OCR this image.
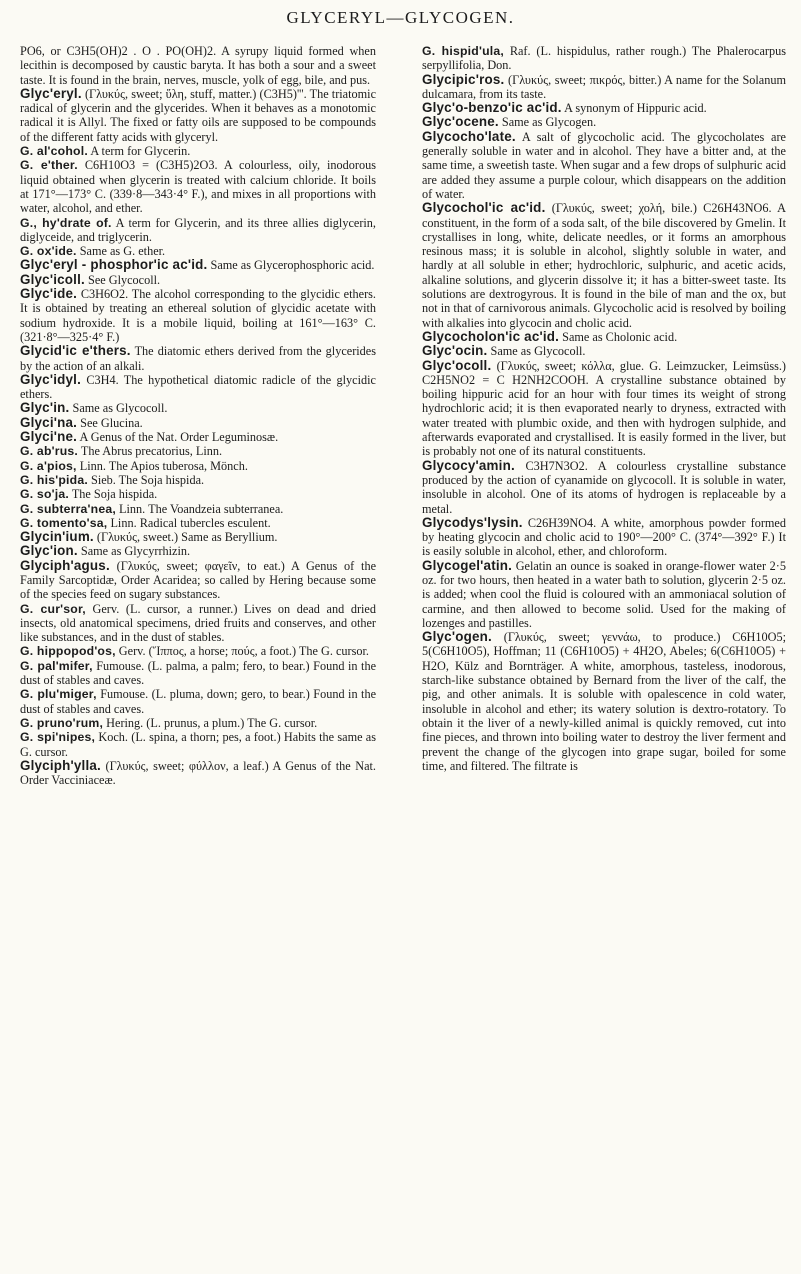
GLYCERYL—GLYCOGEN.

PO6, or C3H5(OH)2 . O . PO(OH)2. A syrupy liquid formed when lecithin is decomposed by caustic baryta. It has both a sour and a sweet taste. It is found in the brain, nerves, muscle, yolk of egg, bile, and pus.

Glyc'eryl. (Γλυκύς, sweet; ὕλη, stuff, matter.) (C3H5)'''. The triatomic radical of glycerin and the glycerides. When it behaves as a monotomic radical it is Allyl. The fixed or fatty oils are supposed to be compounds of the different fatty acids with glyceryl.

G. al'cohol. A term for Glycerin.

G. e'ther. C6H10O3 = (C3H5)2O3. A colourless, oily, inodorous liquid obtained when glycerin is treated with calcium chloride. It boils at 171°—173° C. (339·8—343·4° F.), and mixes in all proportions with water, alcohol, and ether.

G., hy'drate of. A term for Glycerin, and its three allies diglycerin, diglyceide, and triglycerin.

G. ox'ide. Same as G. ether.

Glyc'eryl - phosphor'ic ac'id. Same as Glycerophosphoric acid.

Glyc'icoll. See Glycocoll.

Glyc'ide. C3H6O2. The alcohol corresponding to the glycidic ethers. It is obtained by treating an ethereal solution of glycidic acetate with sodium hydroxide. It is a mobile liquid, boiling at 161°—163° C. (321·8°—325·4° F.)

Glycid'ic e'thers. The diatomic ethers derived from the glycerides by the action of an alkali.

Glyc'idyl. C3H4. The hypothetical diatomic radicle of the glycidic ethers.

Glyc'in. Same as Glycocoll.

Glyci'na. See Glucina.

Glyci'ne. A Genus of the Nat. Order Leguminosæ.

G. ab'rus. The Abrus precatorius, Linn.

G. a'pios, Linn. The Apios tuberosa, Mönch.

G. his'pida. Sieb. The Soja hispida.

G. so'ja. The Soja hispida.

G. subterra'nea, Linn. The Voandzeia subterranea.

G. tomento'sa, Linn. Radical tubercles esculent.

Glycin'ium. (Γλυκύς, sweet.) Same as Beryllium.

Glyc'ion. Same as Glycyrrhizin.

Glyciph'agus. (Γλυκύς, sweet; φαγεῖν, to eat.) A Genus of the Family Sarcoptidæ, Order Acaridea; so called by Hering because some of the species feed on sugary substances.

G. cur'sor, Gerv. (L. cursor, a runner.) Lives on dead and dried insects, old anatomical specimens, dried fruits and conserves, and other like substances, and in the dust of stables.

G. hippopod'os, Gerv. (Ἵππος, a horse; πούς, a foot.) The G. cursor.

G. pal'mifer, Fumouse. (L. palma, a palm; fero, to bear.) Found in the dust of stables and caves.

G. plu'miger, Fumouse. (L. pluma, down; gero, to bear.) Found in the dust of stables and caves.

G. pruno'rum, Hering. (L. prunus, a plum.) The G. cursor.

G. spi'nipes, Koch. (L. spina, a thorn; pes, a foot.) Habits the same as G. cursor.

Glyciph'ylla. (Γλυκύς, sweet; φύλλον, a leaf.) A Genus of the Nat. Order Vacciniaceæ.

G. hispid'ula, Raf. (L. hispidulus, rather rough.) The Phalerocarpus serpyllifolia, Don.

Glycipic'ros. (Γλυκύς, sweet; πικρός, bitter.) A name for the Solanum dulcamara, from its taste.

Glyc'o-benzo'ic ac'id. A synonym of Hippuric acid.

Glyc'ocene. Same as Glycogen.

Glycocho'late. A salt of glycocholic acid. The glycocholates are generally soluble in water and in alcohol. They have a bitter and, at the same time, a sweetish taste. When sugar and a few drops of sulphuric acid are added they assume a purple colour, which disappears on the addition of water.

Glycochol'ic ac'id. (Γλυκύς, sweet; χολή, bile.) C26H43NO6. A constituent, in the form of a soda salt, of the bile discovered by Gmelin. It crystallises in long, white, delicate needles, or it forms an amorphous resinous mass; it is soluble in alcohol, slightly soluble in water, and hardly at all soluble in ether; hydrochloric, sulphuric, and acetic acids, alkaline solutions, and glycerin dissolve it; it has a bitter-sweet taste. Its solutions are dextrogyrous. It is found in the bile of man and the ox, but not in that of carnivorous animals. Glycocholic acid is resolved by boiling with alkalies into glycocin and cholic acid.

Glycocholon'ic ac'id. Same as Cholonic acid.

Glyc'ocin. Same as Glycocoll.

Glyc'ocoll. (Γλυκύς, sweet; κόλλα, glue. G. Leimzucker, Leimsüss.) C2H5NO2 = C H2NH2COOH. A crystalline substance obtained by boiling hippuric acid for an hour with four times its weight of strong hydrochloric acid; it is then evaporated nearly to dryness, extracted with water treated with plumbic oxide, and then with hydrogen sulphide, and afterwards evaporated and crystallised. It is easily formed in the liver, but is probably not one of its natural constituents.

Glycocy'amin. C3H7N3O2. A colourless crystalline substance produced by the action of cyanamide on glycocoll. It is soluble in water, insoluble in alcohol. One of its atoms of hydrogen is replaceable by a metal.

Glycodys'lysin. C26H39NO4. A white, amorphous powder formed by heating glycocin and cholic acid to 190°—200° C. (374°—392° F.) It is easily soluble in alcohol, ether, and chloroform.

Glycogel'atin. Gelatin an ounce is soaked in orange-flower water 2·5 oz. for two hours, then heated in a water bath to solution, glycerin 2·5 oz. is added; when cool the fluid is coloured with an ammoniacal solution of carmine, and then allowed to become solid. Used for the making of lozenges and pastilles.

Glyc'ogen. (Γλυκύς, sweet; γεννάω, to produce.) C6H10O5; 5(C6H10O5), Hoffman; 11 (C6H10O5) + 4H2O, Abeles; 6(C6H10O5) + H2O, Külz and Bornträger. A white, amorphous, tasteless, inodorous, starch-like substance obtained by Bernard from the liver of the calf, the pig, and other animals. It is soluble with opalescence in cold water, insoluble in alcohol and ether; its watery solution is dextro-rotatory. To obtain it the liver of a newly-killed animal is quickly removed, cut into fine pieces, and thrown into boiling water to destroy the liver ferment and prevent the change of the glycogen into grape sugar, boiled for some time, and filtered. The filtrate is
